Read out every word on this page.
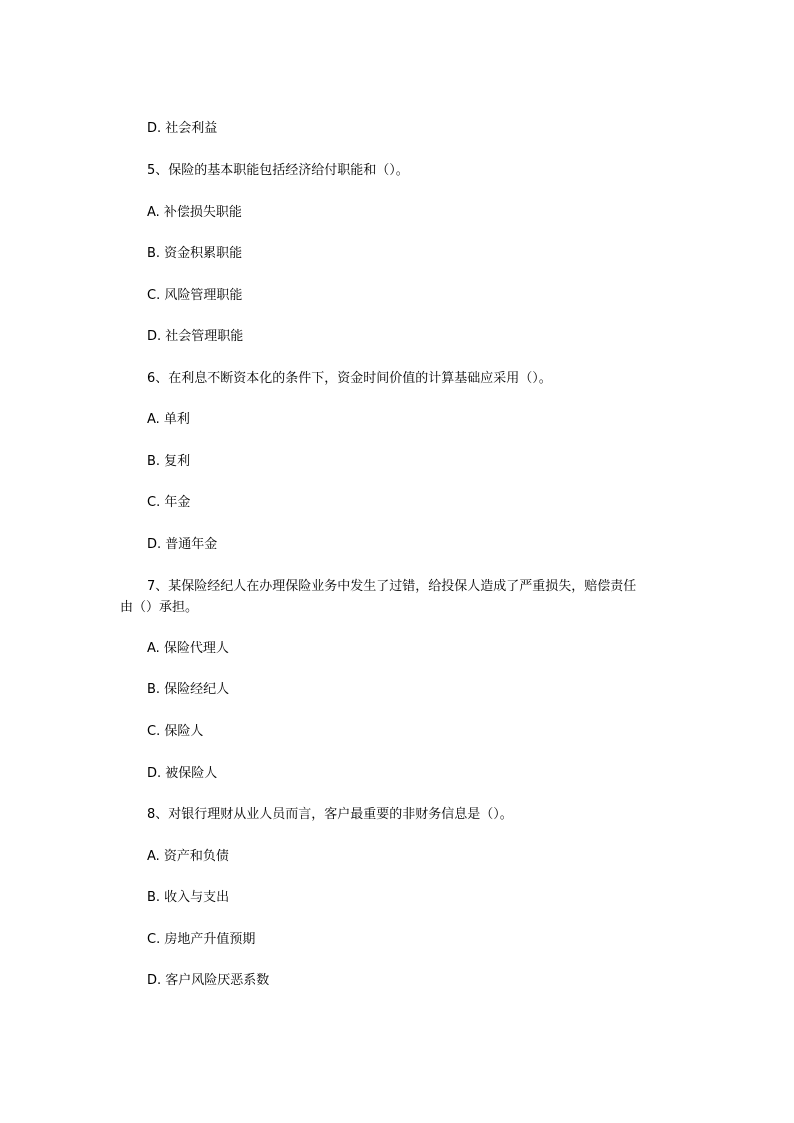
D. 社会利益
5、保险的基本职能包括经济给付职能和（）。
A. 补偿损失职能
B. 资金积累职能
C. 风险管理职能
D. 社会管理职能
6、在利息不断资本化的条件下，资金时间价值的计算基础应采用（）。
A. 单利
B. 复利
C. 年金
D. 普通年金
7、某保险经纪人在办理保险业务中发生了过错，给投保人造成了严重损失，赔偿责任
由（）承担。
A. 保险代理人
B. 保险经纪人
C. 保险人
D. 被保险人
8、对银行理财从业人员而言，客户最重要的非财务信息是（）。
A. 资产和负债
B. 收入与支出
C. 房地产升值预期
D. 客户风险厌恶系数
